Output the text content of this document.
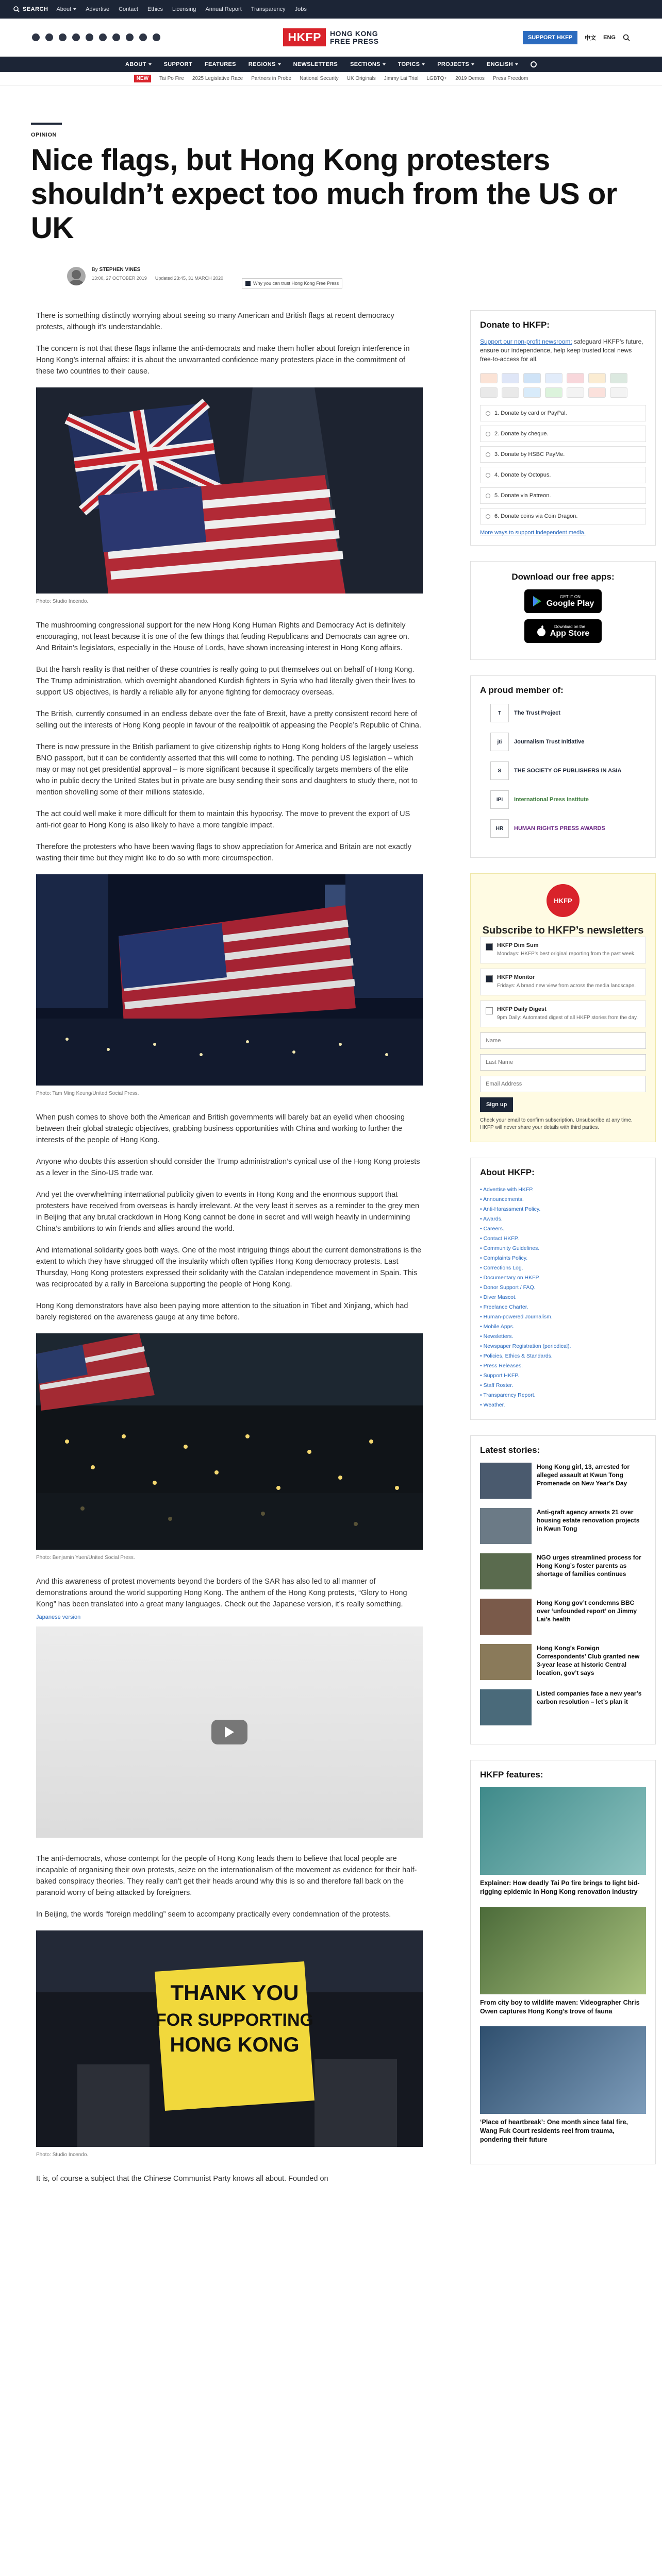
SEARCH About	Advertise Contact Ethics Licensing Annual Report Transparency Jobs
HKFP	HONG KONG
FREE PRESS	SUPPORT HKFP	中文 ENG
ABOUT	SUPPORT FEATURES REGIONS	NEWSLETTERS SECTIONS	TOPICS	PROJECTS	ENGLISH
NEW	Tai Po Fire 2025 Legislative Race Partners in Probe National Security UK Originals Jimmy Lai Trial LGBTQ+ 2019 Demos Press Freedom
OPINION
Nice flags, but Hong Kong protesters shouldn’t expect too much from the US or UK
By STEPHEN VINES
13:00, 27 OCTOBER 2019 Updated 23:45, 31 MARCH 2020
Why you can trust Hong Kong Free Press

There is something distinctly worrying about seeing so many American and British flags at recent democracy protests, although it’s understandable.

The concern is not that these flags inflame the anti-democrats and make them holler about foreign interference in Hong Kong’s internal affairs: it is about the unwarranted confidence many protesters place in the commitment of these two countries to their cause.

Photo: Studio Incendo.

The mushrooming congressional support for the new Hong Kong Human Rights and Democracy Act is definitely encouraging, not least because it is one of the few things that feuding Republicans and Democrats can agree on. And Britain’s legislators, especially in the House of Lords, have shown increasing interest in Hong Kong affairs.

But the harsh reality is that neither of these countries is really going to put themselves out on behalf of Hong Kong. The Trump administration, which overnight abandoned Kurdish fighters in Syria who had literally given their lives to support US objectives, is hardly a reliable ally for anyone fighting for democracy overseas.

The British, currently consumed in an endless debate over the fate of Brexit, have a pretty consistent record here of selling out the interests of Hong Kong people in favour of the realpolitik of appeasing the People’s Republic of China.

There is now pressure in the British parliament to give citizenship rights to Hong Kong holders of the largely useless BNO passport, but it can be confidently asserted that this will come to nothing. The pending US legislation – which may or may not get presidential approval – is more significant because it specifically targets members of the elite who in public decry the United States but in private are busy sending their sons and daughters to study there, not to mention shovelling some of their millions stateside.

The act could well make it more difficult for them to maintain this hypocrisy. The move to prevent the export of US anti-riot gear to Hong Kong is also likely to have a more tangible impact.

Therefore the protesters who have been waving flags to show appreciation for America and Britain are not exactly wasting their time but they might like to do so with more circumspection.

Photo: Tam Ming Keung/United Social Press.

When push comes to shove both the American and British governments will barely bat an eyelid when choosing between their global strategic objectives, grabbing business opportunities with China and working to further the interests of the people of Hong Kong.

Anyone who doubts this assertion should consider the Trump administration’s cynical use of the Hong Kong protests as a lever in the Sino-US trade war.

And yet the overwhelming international publicity given to events in Hong Kong and the enormous support that protesters have received from overseas is hardly irrelevant. At the very least it serves as a reminder to the grey men in Beijing that any brutal crackdown in Hong Kong cannot be done in secret and will weigh heavily in undermining China’s ambitions to win friends and allies around the world.

And international solidarity goes both ways. One of the most intriguing things about the current demonstrations is the extent to which they have shrugged off the insularity which often typifies Hong Kong democracy protests. Last Thursday, Hong Kong protesters expressed their solidarity with the Catalan independence movement in Spain. This was reciprocated by a rally in Barcelona supporting the people of Hong Kong.

Hong Kong demonstrators have also been paying more attention to the situation in Tibet and Xinjiang, which had barely registered on the awareness gauge at any time before.

Photo: Benjamin Yuen/United Social Press.

And this awareness of protest movements beyond the borders of the SAR has also led to all manner of demonstrations around the world supporting Hong Kong. The anthem of the Hong Kong protests, “Glory to Hong Kong” has been translated into a great many languages. Check out the Japanese version, it’s really something.

Japanese version

The anti-democrats, whose contempt for the people of Hong Kong leads them to believe that local people are incapable of organising their own protests, seize on the internationalism of the movement as evidence for their half-baked conspiracy theories. They really can’t get their heads around why this is so and therefore fall back on the paranoid worry of being attacked by foreigners.

In Beijing, the words “foreign meddling” seem to accompany practically every condemnation of the protests.

THANK YOU
FOR SUPPORTING
HONG KONG
Photo: Studio Incendo.

It is, of course a subject that the Chinese Communist Party knows all about. Founded on

Donate to HKFP:
Support our non-profit newsroom: safeguard HKFP’s future, ensure our independence, help keep trusted local news free-to-access for all.
1. Donate by card or PayPal.
2. Donate by cheque.
3. Donate by HSBC PayMe.
4. Donate by Octopus.
5. Donate via Patreon.
6. Donate coins via Coin Dragon.
More ways to support independent media.
Download our free apps:
GET IT ON
Google Play
Download on the
App Store
A proud member of:
T	The Trust Project
jti	Journalism Trust Initiative
S	THE SOCIETY OF PUBLISHERS IN ASIA
IPI	International Press Institute
HR	HUMAN RIGHTS PRESS AWARDS
HKFP
Subscribe to HKFP’s newsletters
HKFP Dim Sum
Mondays: HKFP’s best original reporting from the past week.
HKFP Monitor
Fridays: A brand new view from across the media landscape.
HKFP Daily Digest
9pm Daily: Automated digest of all HKFP stories from the day.
Name
Last Name
Email Address
Sign up
Check your email to confirm subscription. Unsubscribe at any time. HKFP will never share your details with third parties.
About HKFP:
• Advertise with HKFP.
• Announcements.
• Anti-Harassment Policy.
• Awards.
• Careers.
• Contact HKFP.
• Community Guidelines.
• Complaints Policy.
• Corrections Log.
• Documentary on HKFP.
• Donor Support / FAQ.
• Diver Mascot.
• Freelance Charter.
• Human-powered Journalism.
• Mobile Apps.
• Newsletters.
• Newspaper Registration (periodical).
• Policies, Ethics & Standards.
• Press Releases.
• Support HKFP.
• Staff Roster.
• Transparency Report.
• Weather.
Latest stories:
Hong Kong girl, 13, arrested for alleged assault at Kwun Tong Promenade on New Year’s Day
Anti-graft agency arrests 21 over housing estate renovation projects in Kwun Tong
NGO urges streamlined process for Hong Kong’s foster parents as shortage of families continues
Hong Kong gov’t condemns BBC over ‘unfounded report’ on Jimmy Lai’s health
Hong Kong’s Foreign Correspondents’ Club granted new 3-year lease at historic Central location, gov’t says
Listed companies face a new year’s carbon resolution – let’s plan it
HKFP features:
Explainer: How deadly Tai Po fire brings to light bid-rigging epidemic in Hong Kong renovation industry
From city boy to wildlife maven: Videographer Chris Owen captures Hong Kong’s trove of fauna
‘Place of heartbreak’: One month since fatal fire, Wang Fuk Court residents reel from trauma, pondering their future
